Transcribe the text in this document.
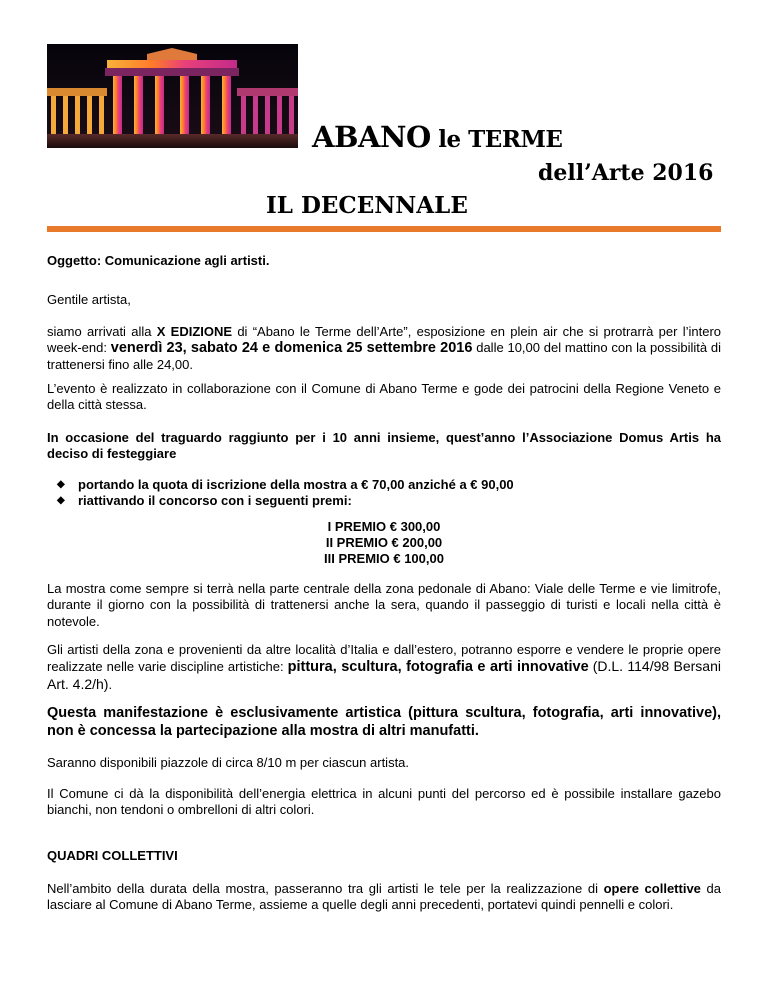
ABANO le TERME
dell’Arte 2016
IL DECENNALE
Oggetto: Comunicazione agli artisti.
Gentile artista,
siamo arrivati alla X EDIZIONE di “Abano le Terme dell’Arte”, esposizione en plein air che si protrarrà per l’intero week-end: venerdì 23, sabato 24 e domenica 25 settembre 2016 dalle 10,00 del mattino con la possibilità di trattenersi fino alle 24,00.
L’evento è realizzato in collaborazione con il Comune di Abano Terme e gode dei patrocini della Regione Veneto e della città stessa.
In occasione del traguardo raggiunto per i 10 anni insieme, quest’anno l’Associazione Domus Artis ha deciso di festeggiare
◆ portando la quota di iscrizione della mostra a € 70,00 anziché a € 90,00
◆ riattivando il concorso con i seguenti premi:
I PREMIO € 300,00
II PREMIO € 200,00
III PREMIO € 100,00
La mostra come sempre si terrà nella parte centrale della zona pedonale di Abano: Viale delle Terme e vie limitrofe, durante il giorno con la possibilità di trattenersi anche la sera, quando il passeggio di turisti e locali nella città è notevole.
Gli artisti della zona e provenienti da altre località d’Italia e dall’estero, potranno esporre e vendere le proprie opere realizzate nelle varie discipline artistiche: pittura, scultura, fotografia e arti innovative (D.L. 114/98 Bersani Art. 4.2/h).
Questa manifestazione è esclusivamente artistica (pittura scultura, fotografia, arti innovative), non è concessa la partecipazione alla mostra di altri manufatti.
Saranno disponibili piazzole di circa 8/10 m per ciascun artista.
Il Comune ci dà la disponibilità dell’energia elettrica in alcuni punti del percorso ed è possibile installare gazebo bianchi, non tendoni o ombrelloni di altri colori.
QUADRI COLLETTIVI
Nell’ambito della durata della mostra, passeranno tra gli artisti le tele per la realizzazione di opere collettive da lasciare al Comune di Abano Terme, assieme a quelle degli anni precedenti, portatevi quindi pennelli e colori.
